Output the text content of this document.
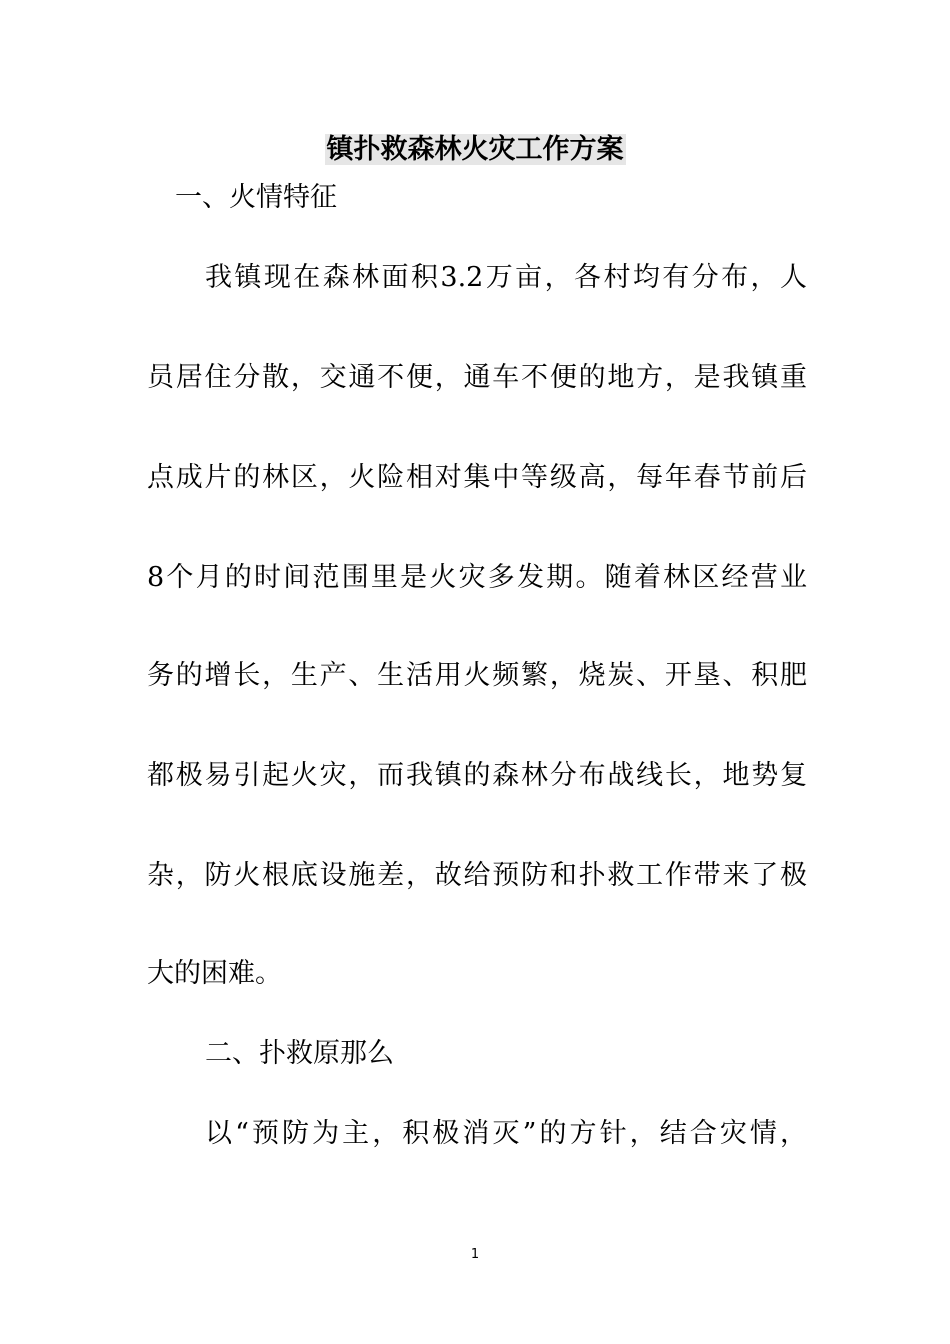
镇扑救森林火灾工作方案
一、火情特征
我镇现在森林面积3.2万亩，各村均有分布，人
员居住分散，交通不便，通车不便的地方，是我镇重
点成片的林区，火险相对集中等级高，每年春节前后
8个月的时间范围里是火灾多发期。随着林区经营业
务的增长，生产、生活用火频繁，烧炭、开垦、积肥
都极易引起火灾，而我镇的森林分布战线长，地势复
杂，防火根底设施差，故给预防和扑救工作带来了极
大的困难。
二、扑救原那么
以“预防为主，积极消灭”的方针，结合灾情，
1
